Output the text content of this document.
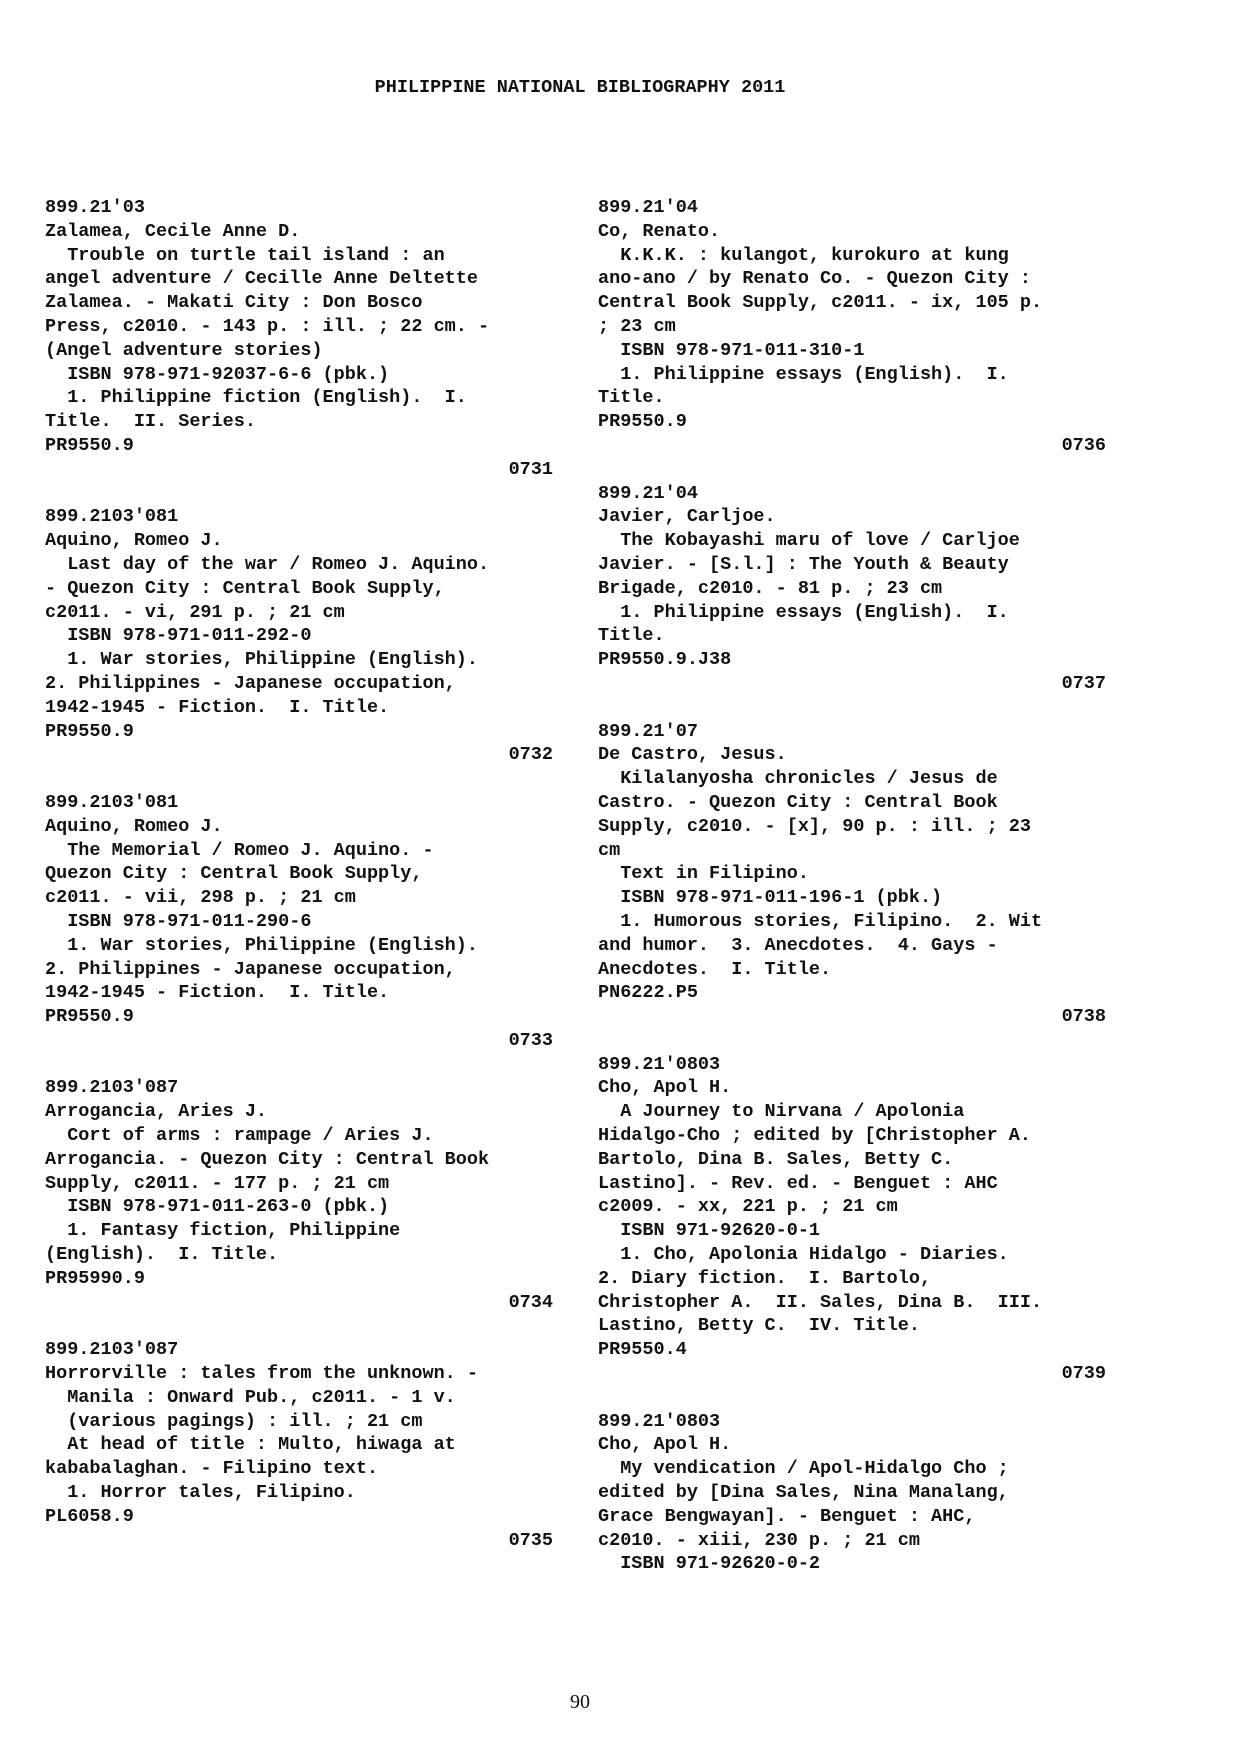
PHILIPPINE NATIONAL BIBLIOGRAPHY 2011
899.21'03
Zalamea, Cecile Anne D.
Trouble on turtle tail island : an
angel adventure / Cecille Anne Deltette
Zalamea. - Makati City : Don Bosco
Press, c2010. - 143 p. : ill. ; 22 cm. -
(Angel adventure stories)
ISBN 978-971-92037-6-6 (pbk.)
1. Philippine fiction (English).  I.
Title.  II. Series.
PR9550.9
0731
899.2103'081
Aquino, Romeo J.
Last day of the war / Romeo J. Aquino.
- Quezon City : Central Book Supply,
c2011. - vi, 291 p. ; 21 cm
ISBN 978-971-011-292-0
1. War stories, Philippine (English).
2. Philippines - Japanese occupation,
1942-1945 - Fiction.  I. Title.
PR9550.9
0732
899.2103'081
Aquino, Romeo J.
The Memorial / Romeo J. Aquino. -
Quezon City : Central Book Supply,
c2011. - vii, 298 p. ; 21 cm
ISBN 978-971-011-290-6
1. War stories, Philippine (English).
2. Philippines - Japanese occupation,
1942-1945 - Fiction.  I. Title.
PR9550.9
0733
899.2103'087
Arrogancia, Aries J.
Cort of arms : rampage / Aries J.
Arrogancia. - Quezon City : Central Book
Supply, c2011. - 177 p. ; 21 cm
ISBN 978-971-011-263-0 (pbk.)
1. Fantasy fiction, Philippine
(English).  I. Title.
PR95990.9
0734
899.2103'087
Horrorville : tales from the unknown. -
Manila : Onward Pub., c2011. - 1 v.
(various pagings) : ill. ; 21 cm
At head of title : Multo, hiwaga at
kababalaghan. - Filipino text.
1. Horror tales, Filipino.
PL6058.9
0735
899.21'04
Co, Renato.
K.K.K. : kulangot, kurokuro at kung
ano-ano / by Renato Co. - Quezon City :
Central Book Supply, c2011. - ix, 105 p.
; 23 cm
ISBN 978-971-011-310-1
1. Philippine essays (English).  I.
Title.
PR9550.9
0736
899.21'04
Javier, Carljoe.
The Kobayashi maru of love / Carljoe
Javier. - [S.l.] : The Youth & Beauty
Brigade, c2010. - 81 p. ; 23 cm
1. Philippine essays (English).  I.
Title.
PR9550.9.J38
0737
899.21'07
De Castro, Jesus.
Kilalanyosha chronicles / Jesus de
Castro. - Quezon City : Central Book
Supply, c2010. - [x], 90 p. : ill. ; 23
cm
Text in Filipino.
ISBN 978-971-011-196-1 (pbk.)
1. Humorous stories, Filipino.  2. Wit
and humor.  3. Anecdotes.  4. Gays -
Anecdotes.  I. Title.
PN6222.P5
0738
899.21'0803
Cho, Apol H.
A Journey to Nirvana / Apolonia
Hidalgo-Cho ; edited by [Christopher A.
Bartolo, Dina B. Sales, Betty C.
Lastino]. - Rev. ed. - Benguet : AHC
c2009. - xx, 221 p. ; 21 cm
ISBN 971-92620-0-1
1. Cho, Apolonia Hidalgo - Diaries.
2. Diary fiction.  I. Bartolo,
Christopher A.  II. Sales, Dina B.  III.
Lastino, Betty C.  IV. Title.
PR9550.4
0739
899.21'0803
Cho, Apol H.
My vendication / Apol-Hidalgo Cho ;
edited by [Dina Sales, Nina Manalang,
Grace Bengwayan]. - Benguet : AHC,
c2010. - xiii, 230 p. ; 21 cm
ISBN 971-92620-0-2
90
